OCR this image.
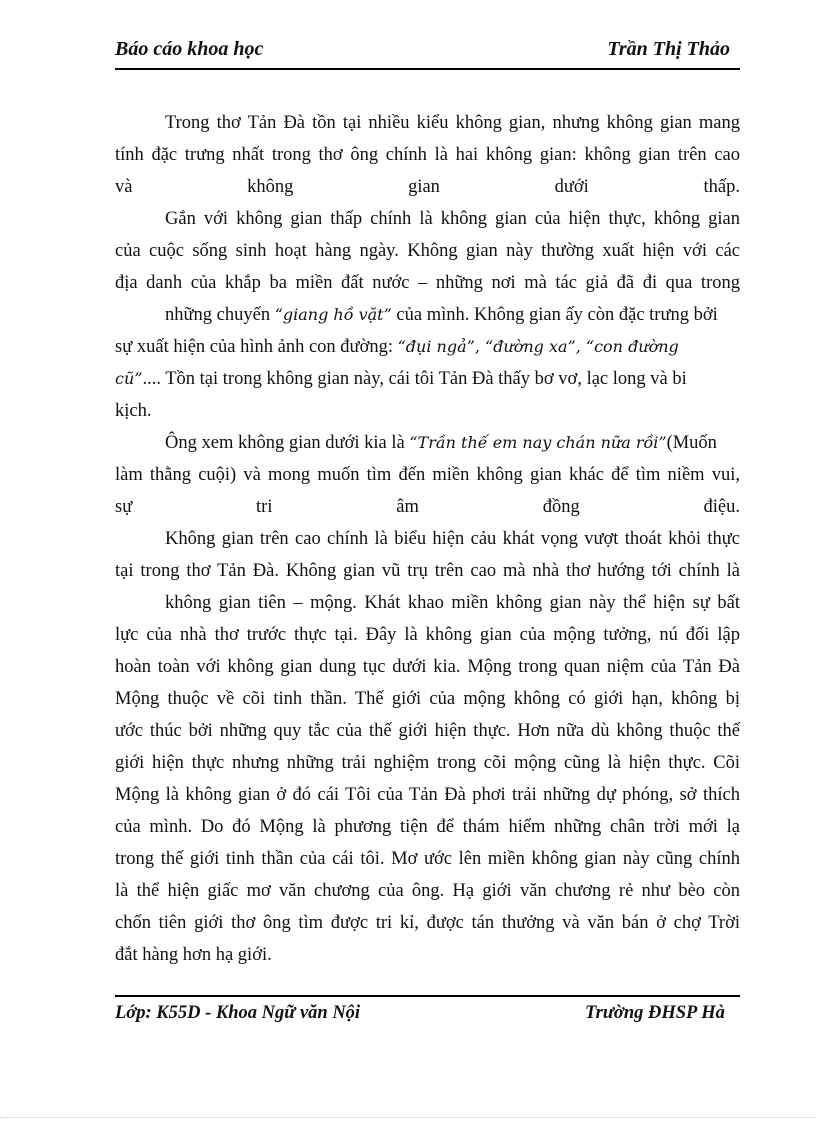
Báo cáo khoa học	Trần Thị Thảo
Trong thơ Tản Đà tồn tại nhiều kiểu không gian, nhưng không gian mang
tính đặc trưng nhất trong thơ ông chính là hai không gian: không gian trên cao
và không gian dưới thấp.
Gắn với không gian thấp chính là không gian của hiện thực, không gian
của cuộc sống sinh hoạt hàng ngày. Không gian này thường xuất hiện với các
địa danh của khắp ba miền đất nước – những nơi mà tác giả đã đi qua trong
những chuyến “giang hồ vặt” của mình. Không gian ấy còn đặc trưng bởi
sự xuất hiện của hình ảnh con đường: “đụi ngả”, “đường xa”, “con đường
cũ”.... Tồn tại trong không gian này, cái tôi Tản Đà thấy bơ vơ, lạc long và bi
kịch.
Ông xem không gian dưới kia là “Trần thế em nay chán nữa rồi”(Muốn
làm thằng cuội) và mong muốn tìm đến miền không gian khác để tìm niềm vui,
sự tri âm đồng điệu.
Không gian trên cao chính là biểu hiện cảu khát vọng vượt thoát khỏi thực
tại trong thơ Tản Đà. Không gian vũ trụ trên cao mà nhà thơ hướng tới chính là
không gian tiên – mộng. Khát khao miền không gian này thể hiện sự bất
lực của nhà thơ trước thực tại. Đây là không gian của mộng tưởng, nú đối lập
hoàn toàn với không gian dung tục dưới kia. Mộng trong quan niệm của Tản Đà
Mộng thuộc về cõi tinh thần. Thế giới của mộng không có giới hạn, không bị
ước thúc bởi những quy tắc của thế giới hiện thực. Hơn nữa dù không thuộc thế
giới hiện thực nhưng những trải nghiệm trong cõi mộng cũng là hiện thực. Cõi
Mộng là không gian ở đó cái Tôi của Tản Đà phơi trải những dự phóng, sở thích
của mình. Do đó Mộng là phương tiện để thám hiểm những chân trời mới lạ
trong thế giới tinh thần của cái tôi. Mơ ước lên miền không gian này cũng chính
là thể hiện giấc mơ văn chương của ông. Hạ giới văn chương rẻ như bèo còn
chốn tiên giới thơ ông tìm được tri kỉ, được tán thưởng và văn bán ở chợ Trời
đắt hàng hơn hạ giới.
Lớp: K55D - Khoa Ngữ văn Nội	Trường ĐHSP Hà
